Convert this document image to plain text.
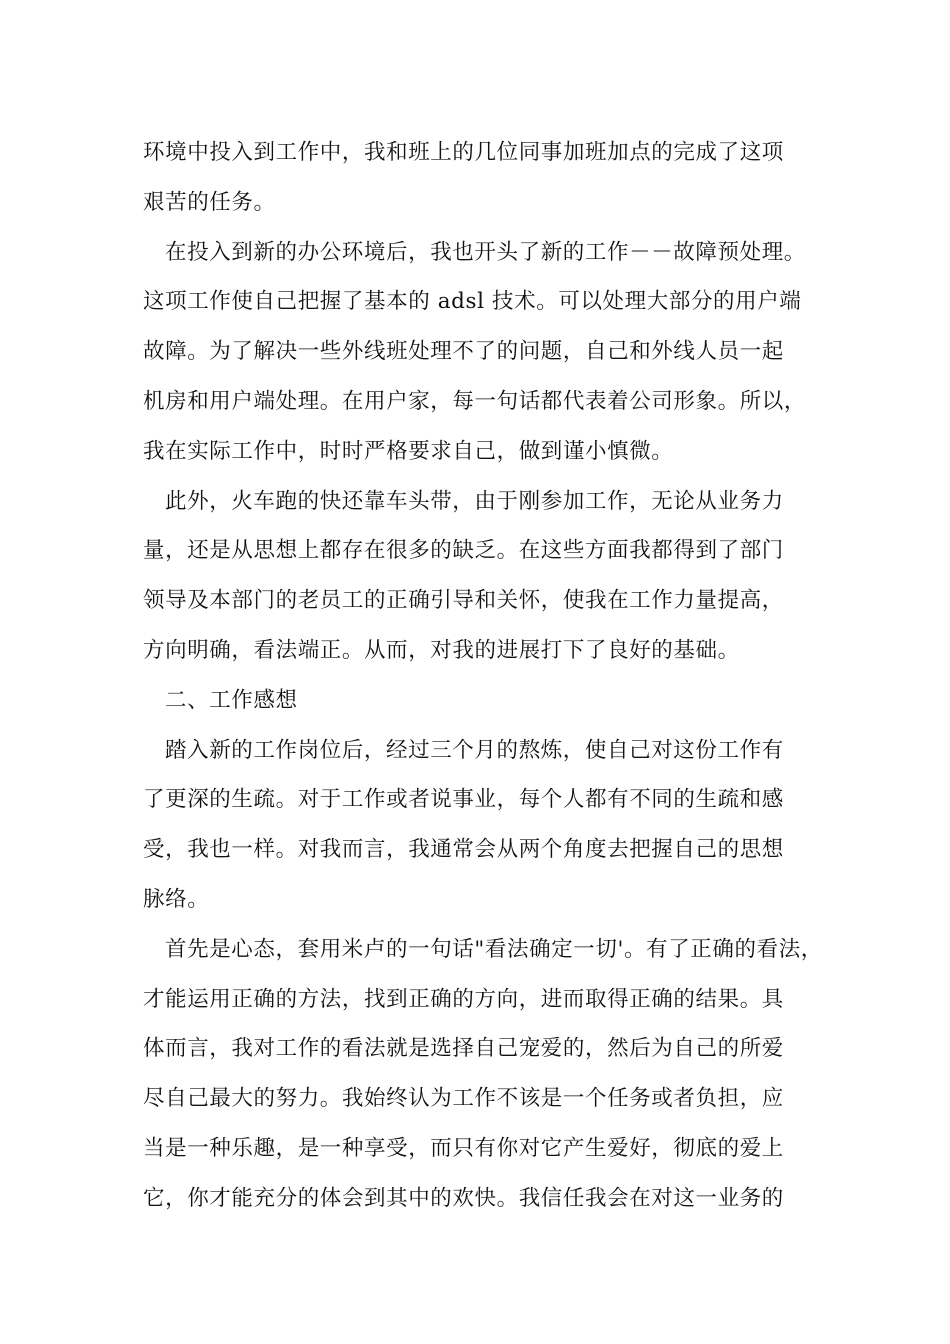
环境中投入到工作中，我和班上的几位同事加班加点的完成了这项
艰苦的任务。
在投入到新的办公环境后，我也开头了新的工作－－故障预处理。
这项工作使自己把握了基本的 adsl 技术。可以处理大部分的用户端
故障。为了解决一些外线班处理不了的问题，自己和外线人员一起
机房和用户端处理。在用户家，每一句话都代表着公司形象。所以，
我在实际工作中，时时严格要求自己，做到谨小慎微。
此外，火车跑的快还靠车头带，由于刚参加工作，无论从业务力
量，还是从思想上都存在很多的缺乏。在这些方面我都得到了部门
领导及本部门的老员工的正确引导和关怀，使我在工作力量提高，
方向明确，看法端正。从而，对我的进展打下了良好的基础。
二、工作感想
踏入新的工作岗位后，经过三个月的熬炼，使自己对这份工作有
了更深的生疏。对于工作或者说事业，每个人都有不同的生疏和感
受，我也一样。对我而言，我通常会从两个角度去把握自己的思想
脉络。
首先是心态，套用米卢的一句话"看法确定一切'。有了正确的看法，
才能运用正确的方法，找到正确的方向，进而取得正确的结果。具
体而言，我对工作的看法就是选择自己宠爱的，然后为自己的所爱
尽自己最大的努力。我始终认为工作不该是一个任务或者负担，应
当是一种乐趣，是一种享受，而只有你对它产生爱好，彻底的爱上
它，你才能充分的体会到其中的欢快。我信任我会在对这一业务的
